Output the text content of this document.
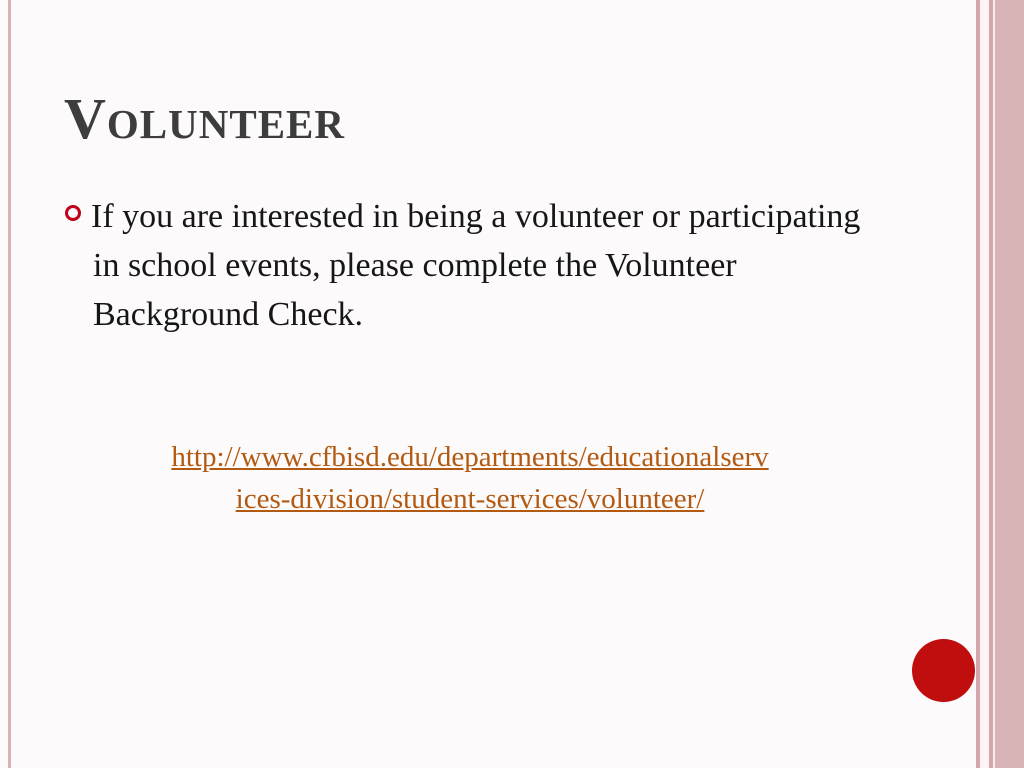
Volunteer

If you are interested in being a volunteer or participating in school events, please complete the Volunteer Background Check.

http://www.cfbisd.edu/departments/educationalserv
ices-division/student-services/volunteer/
